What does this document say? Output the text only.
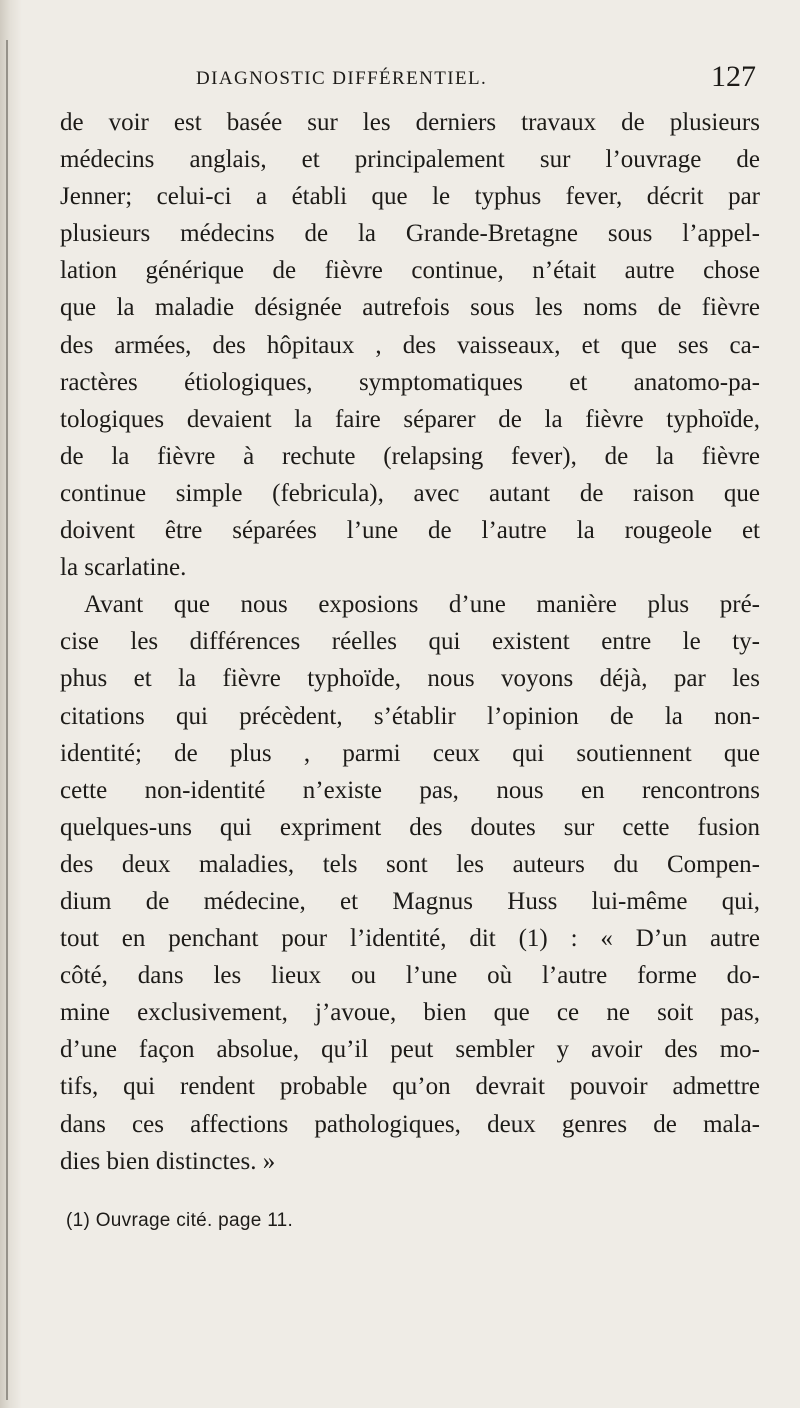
DIAGNOSTIC DIFFÉRENTIEL.	127
de voir est basée sur les derniers travaux de plusieurs
médecins anglais, et principalement sur l’ouvrage de
Jenner; celui-ci a établi que le typhus fever, décrit par
plusieurs médecins de la Grande-Bretagne sous l’appel-
lation générique de fièvre continue, n’était autre chose
que la maladie désignée autrefois sous les noms de fièvre
des armées, des hôpitaux , des vaisseaux, et que ses ca-
ractères étiologiques, symptomatiques et anatomo-pa-
tologiques devaient la faire séparer de la fièvre typhoïde,
de la fièvre à rechute (relapsing fever), de la fièvre
continue simple (febricula), avec autant de raison que
doivent être séparées l’une de l’autre la rougeole et
la scarlatine.
Avant que nous exposions d’une manière plus pré-
cise les différences réelles qui existent entre le ty-
phus et la fièvre typhoïde, nous voyons déjà, par les
citations qui précèdent, s’établir l’opinion de la non-
identité; de plus , parmi ceux qui soutiennent que
cette non-identité n’existe pas, nous en rencontrons
quelques-uns qui expriment des doutes sur cette fusion
des deux maladies, tels sont les auteurs du Compen-
dium de médecine, et Magnus Huss lui-même qui,
tout en penchant pour l’identité, dit (1) : « D’un autre
côté, dans les lieux ou l’une où l’autre forme do-
mine exclusivement, j’avoue, bien que ce ne soit pas,
d’une façon absolue, qu’il peut sembler y avoir des mo-
tifs, qui rendent probable qu’on devrait pouvoir admettre
dans ces affections pathologiques, deux genres de mala-
dies bien distinctes. »
(1) Ouvrage cité. page 11.
